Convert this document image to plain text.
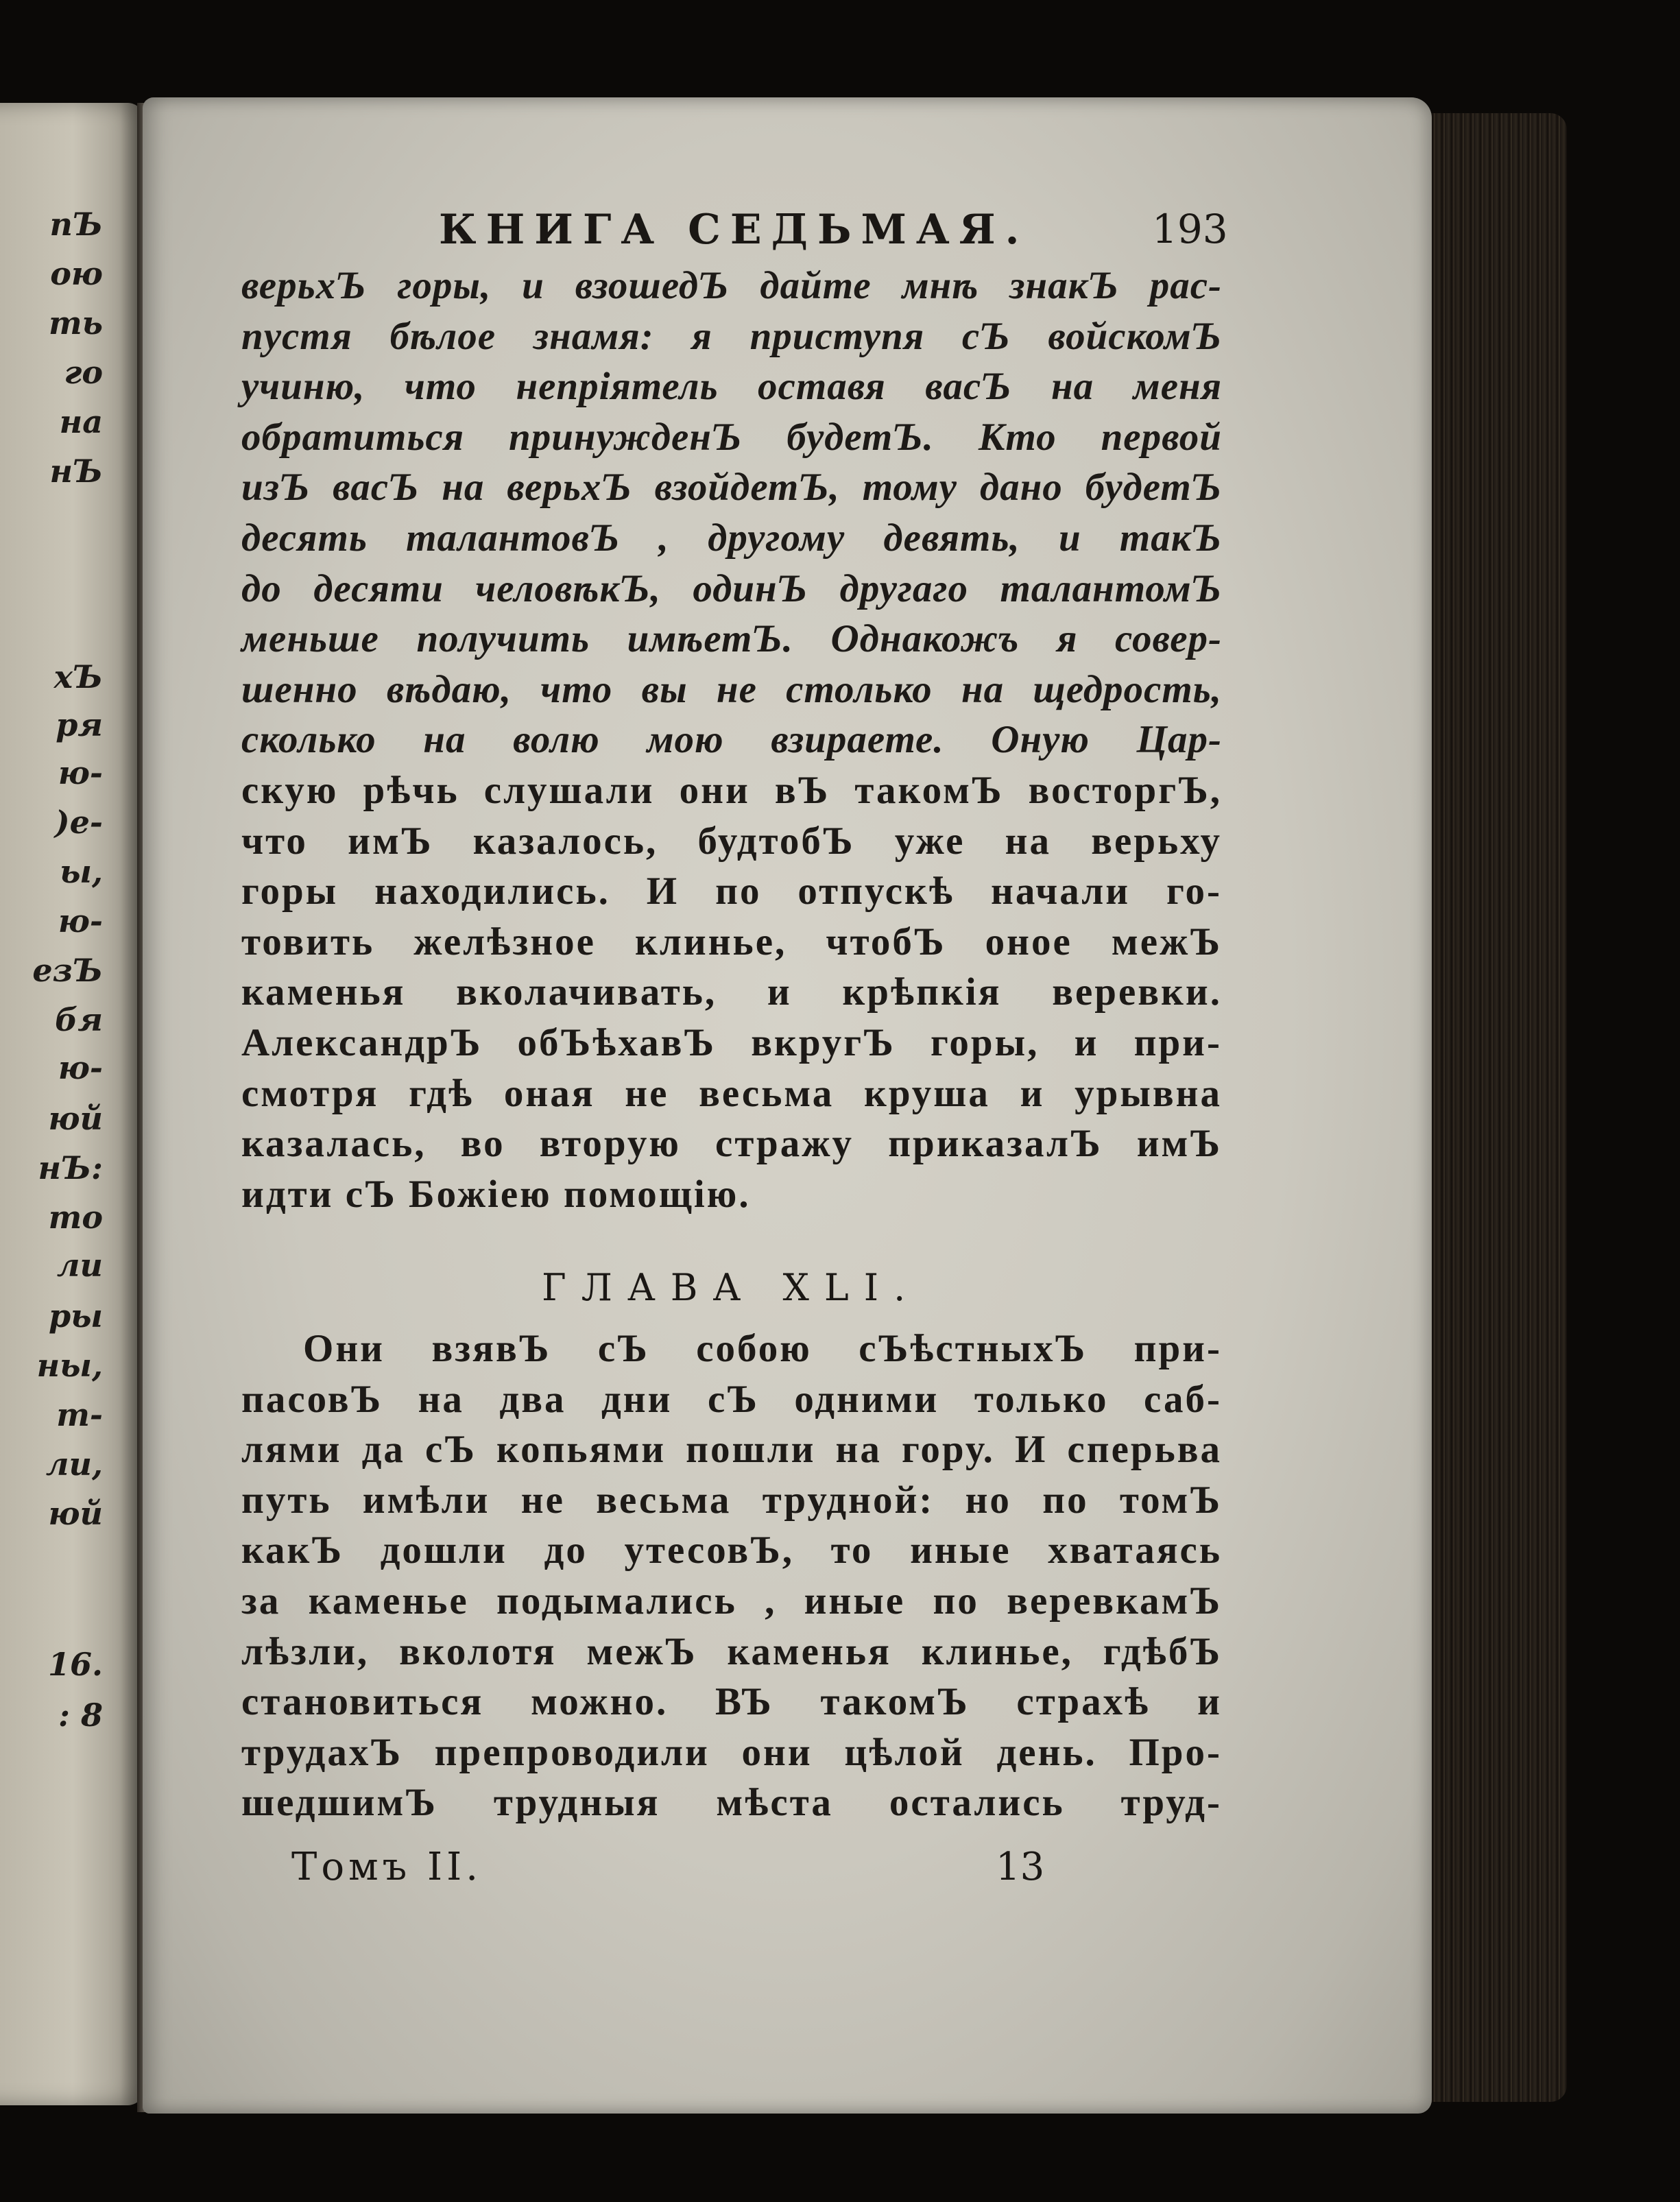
пЪ
ою
ть
го
на
нЪ
хЪ
ря
ю-
)е-
ы,
ю-
езЪ
бя
ю-
юй
нЪ:
то
ли
ры
ны,
т-
ли,
юй
16.
: 8
КНИГА СЕДЬМАЯ.	193
верьхЪ горы, и взошедЪ дайте мнѣ знакЪ рас-
пустя бѣлое знамя: я приступя сЪ войскомЪ
учиню, что непріятель оставя васЪ на меня
обратиться принужденЪ будетЪ. Кто первой
изЪ васЪ на верьхЪ взойдетЪ, тому дано будетЪ
десять талантовЪ , другому девять, и такЪ
до десяти человѣкЪ, одинЪ другаго талантомЪ
меньше получить имѣетЪ. Однакожъ я совер-
шенно вѣдаю, что вы не столько на щедрость,
сколько на волю мою взираете. Оную Цар-
скую рѣчь слушали они вЪ такомЪ восторгЪ,
что имЪ казалось, будтобЪ уже на верьху
горы находились. И по отпускѣ начали го-
товить желѣзное клинье, чтобЪ оное межЪ
каменья вколачивать, и крѣпкія веревки.
АлександрЪ обЪѣхавЪ вкругЪ горы, и при-
смотря гдѣ оная не весьма круша и урывна
казалась, во вторую стражу приказалЪ имЪ
идти сЪ Божіею помощію.
ГЛАВА XLI.
Они взявЪ сЪ собою сЪѣстныхЪ при-
пасовЪ на два дни сЪ одними только саб-
лями да сЪ копьями пошли на гору. И сперьва
путь имѣли не весьма трудной: но по томЪ
какЪ дошли до утесовЪ, то иные хватаясь
за каменье подымались , иные по веревкамЪ
лѣзли, вколотя межЪ каменья клинье, гдѣбЪ
становиться можно. ВЪ такомЪ страхѣ и
трудахЪ препроводили они цѣлой день. Про-
шедшимЪ трудныя мѣста остались труд-
Томъ II.	13
